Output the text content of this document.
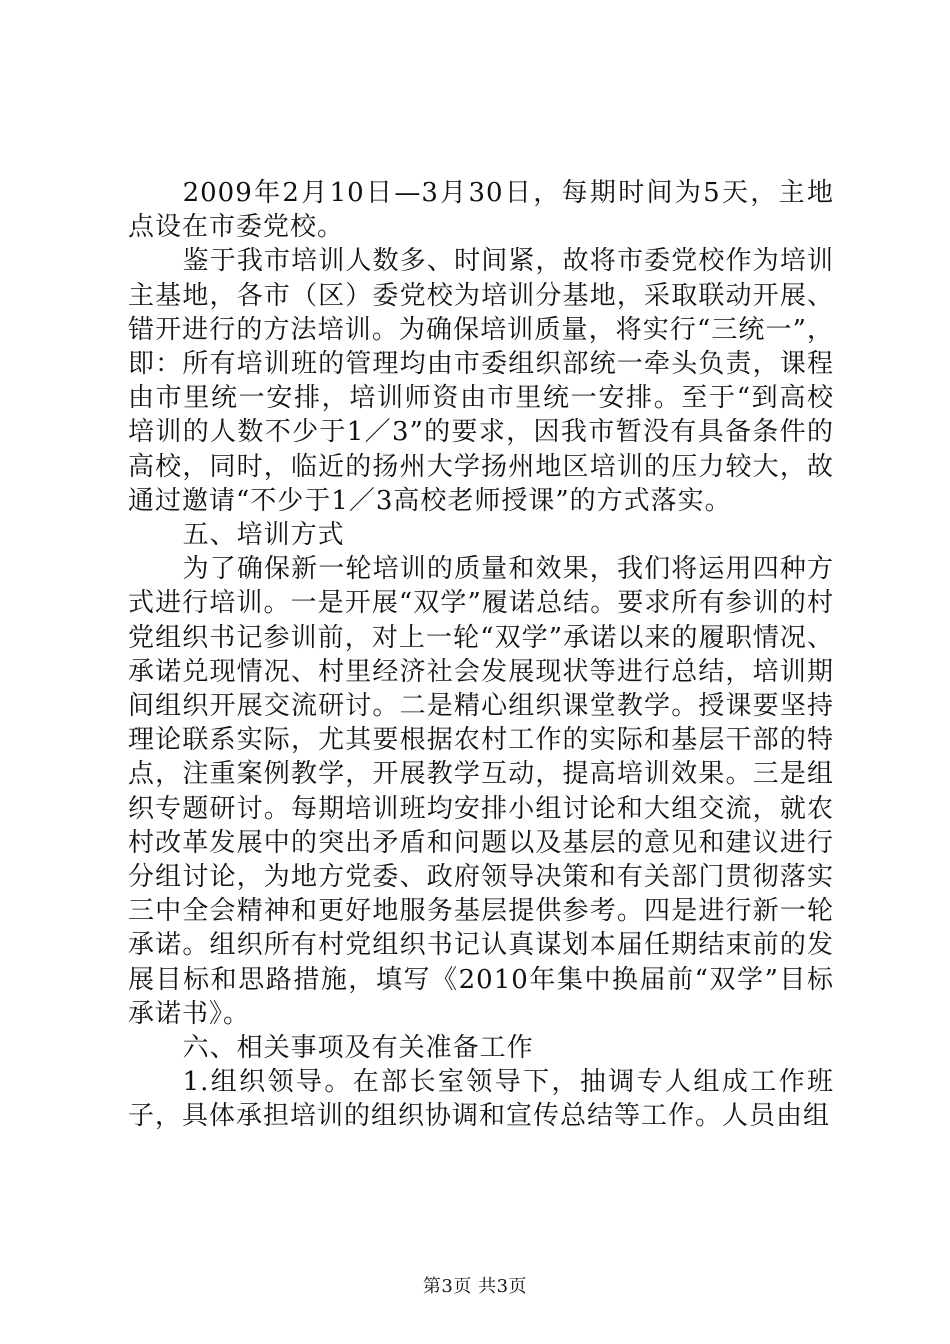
2009年2月10日—3月30日，每期时间为5天，主地点设在市委党校。

鉴于我市培训人数多、时间紧，故将市委党校作为培训主基地，各市（区）委党校为培训分基地，采取联动开展、错开进行的方法培训。为确保培训质量，将实行“三统一”，即：所有培训班的管理均由市委组织部统一牵头负责，课程由市里统一安排，培训师资由市里统一安排。至于“到高校培训的人数不少于1／3”的要求，因我市暂没有具备条件的高校，同时，临近的扬州大学扬州地区培训的压力较大，故通过邀请“不少于1／3高校老师授课”的方式落实。

五、培训方式

为了确保新一轮培训的质量和效果，我们将运用四种方式进行培训。一是开展“双学”履诺总结。要求所有参训的村党组织书记参训前，对上一轮“双学”承诺以来的履职情况、承诺兑现情况、村里经济社会发展现状等进行总结，培训期间组织开展交流研讨。二是精心组织课堂教学。授课要坚持理论联系实际，尤其要根据农村工作的实际和基层干部的特点，注重案例教学，开展教学互动，提高培训效果。三是组织专题研讨。每期培训班均安排小组讨论和大组交流，就农村改革发展中的突出矛盾和问题以及基层的意见和建议进行分组讨论，为地方党委、政府领导决策和有关部门贯彻落实三中全会精神和更好地服务基层提供参考。四是进行新一轮承诺。组织所有村党组织书记认真谋划本届任期结束前的发展目标和思路措施，填写《2010年集中换届前“双学”目标承诺书》。

六、相关事项及有关准备工作

1.组织领导。在部长室领导下，抽调专人组成工作班子，具体承担培训的组织协调和宣传总结等工作。人员由组

第3页 共3页
